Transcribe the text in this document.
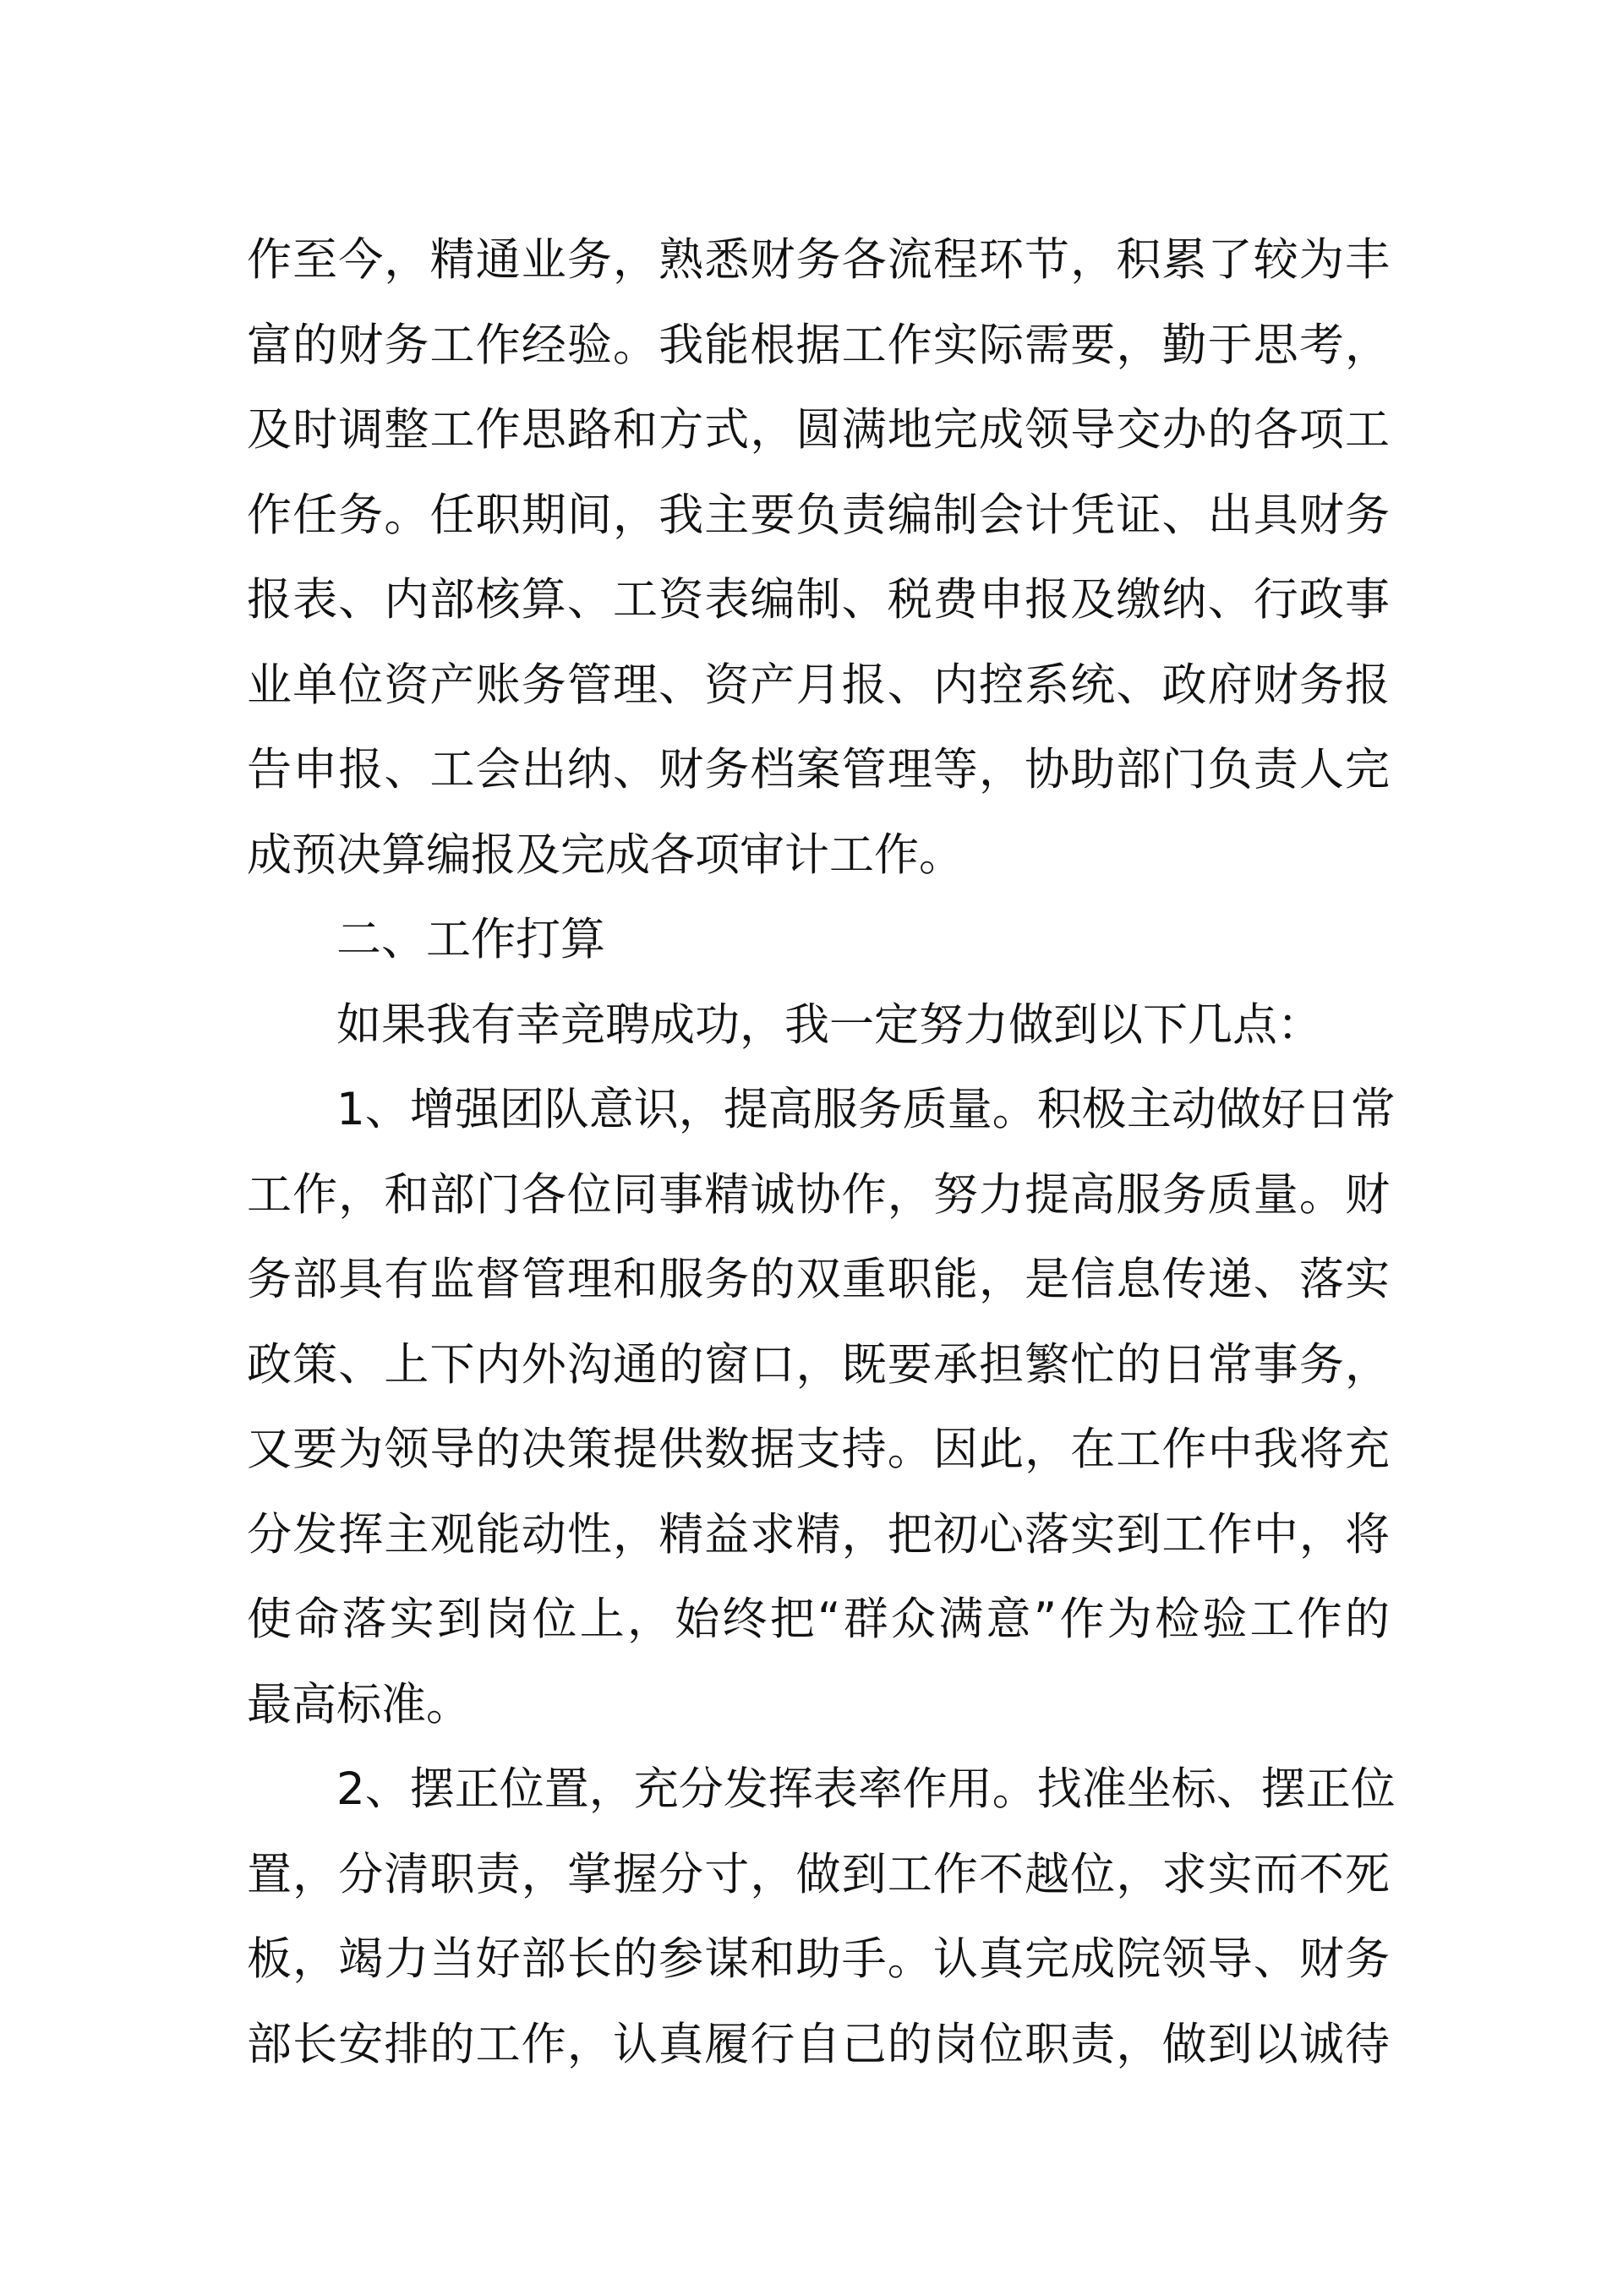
作至今，精通业务，熟悉财务各流程环节，积累了较为丰
富的财务工作经验。我能根据工作实际需要，勤于思考，
及时调整工作思路和方式，圆满地完成领导交办的各项工
作任务。任职期间，我主要负责编制会计凭证、出具财务
报表、内部核算、工资表编制、税费申报及缴纳、行政事
业单位资产账务管理、资产月报、内控系统、政府财务报
告申报、工会出纳、财务档案管理等，协助部门负责人完
成预决算编报及完成各项审计工作。
二、工作打算
如果我有幸竞聘成功，我一定努力做到以下几点：
1、增强团队意识，提高服务质量。积极主动做好日常
工作，和部门各位同事精诚协作，努力提高服务质量。财
务部具有监督管理和服务的双重职能，是信息传递、落实
政策、上下内外沟通的窗口，既要承担繁忙的日常事务，
又要为领导的决策提供数据支持。因此，在工作中我将充
分发挥主观能动性，精益求精，把初心落实到工作中，将
使命落实到岗位上，始终把“群众满意”作为检验工作的
最高标准。
2、摆正位置，充分发挥表率作用。找准坐标、摆正位
置，分清职责，掌握分寸，做到工作不越位，求实而不死
板，竭力当好部长的参谋和助手。认真完成院领导、财务
部长安排的工作，认真履行自己的岗位职责，做到以诚待
